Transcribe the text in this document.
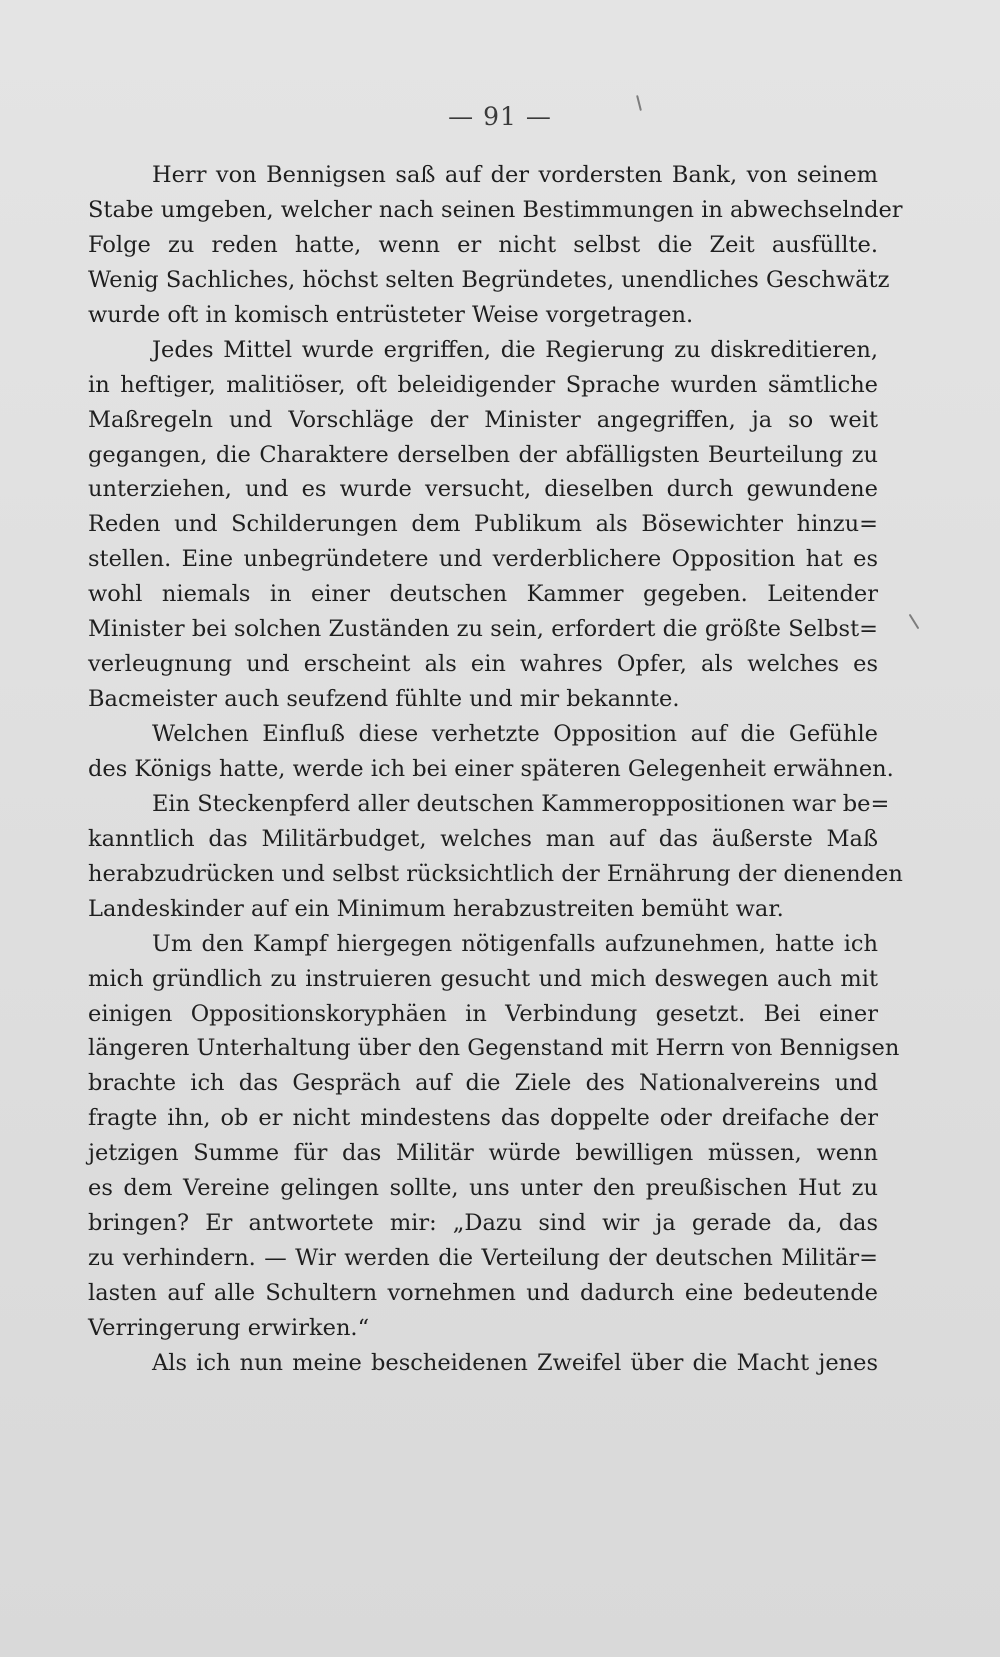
— 91 —
Herr von Bennigsen saß auf der vordersten Bank, von seinem
Stabe umgeben, welcher nach seinen Bestimmungen in abwechselnder
Folge zu reden hatte, wenn er nicht selbst die Zeit ausfüllte.
Wenig Sachliches, höchst selten Begründetes, unendliches Geschwätz
wurde oft in komisch entrüsteter Weise vorgetragen.
Jedes Mittel wurde ergriffen, die Regierung zu diskreditieren,
in heftiger, malitiöser, oft beleidigender Sprache wurden sämtliche
Maßregeln und Vorschläge der Minister angegriffen, ja so weit
gegangen, die Charaktere derselben der abfälligsten Beurteilung zu
unterziehen, und es wurde versucht, dieselben durch gewundene
Reden und Schilderungen dem Publikum als Bösewichter hinzu=
stellen. Eine unbegründetere und verderblichere Opposition hat es
wohl niemals in einer deutschen Kammer gegeben. Leitender
Minister bei solchen Zuständen zu sein, erfordert die größte Selbst=
verleugnung und erscheint als ein wahres Opfer, als welches es
Bacmeister auch seufzend fühlte und mir bekannte.
Welchen Einfluß diese verhetzte Opposition auf die Gefühle
des Königs hatte, werde ich bei einer späteren Gelegenheit erwähnen.
Ein Steckenpferd aller deutschen Kammeroppositionen war be=
kanntlich das Militärbudget, welches man auf das äußerste Maß
herabzudrücken und selbst rücksichtlich der Ernährung der dienenden
Landeskinder auf ein Minimum herabzustreiten bemüht war.
Um den Kampf hiergegen nötigenfalls aufzunehmen, hatte ich
mich gründlich zu instruieren gesucht und mich deswegen auch mit
einigen Oppositionskoryphäen in Verbindung gesetzt. Bei einer
längeren Unterhaltung über den Gegenstand mit Herrn von Bennigsen
brachte ich das Gespräch auf die Ziele des Nationalvereins und
fragte ihn, ob er nicht mindestens das doppelte oder dreifache der
jetzigen Summe für das Militär würde bewilligen müssen, wenn
es dem Vereine gelingen sollte, uns unter den preußischen Hut zu
bringen? Er antwortete mir: „Dazu sind wir ja gerade da, das
zu verhindern. — Wir werden die Verteilung der deutschen Militär=
lasten auf alle Schultern vornehmen und dadurch eine bedeutende
Verringerung erwirken.“
Als ich nun meine bescheidenen Zweifel über die Macht jenes
